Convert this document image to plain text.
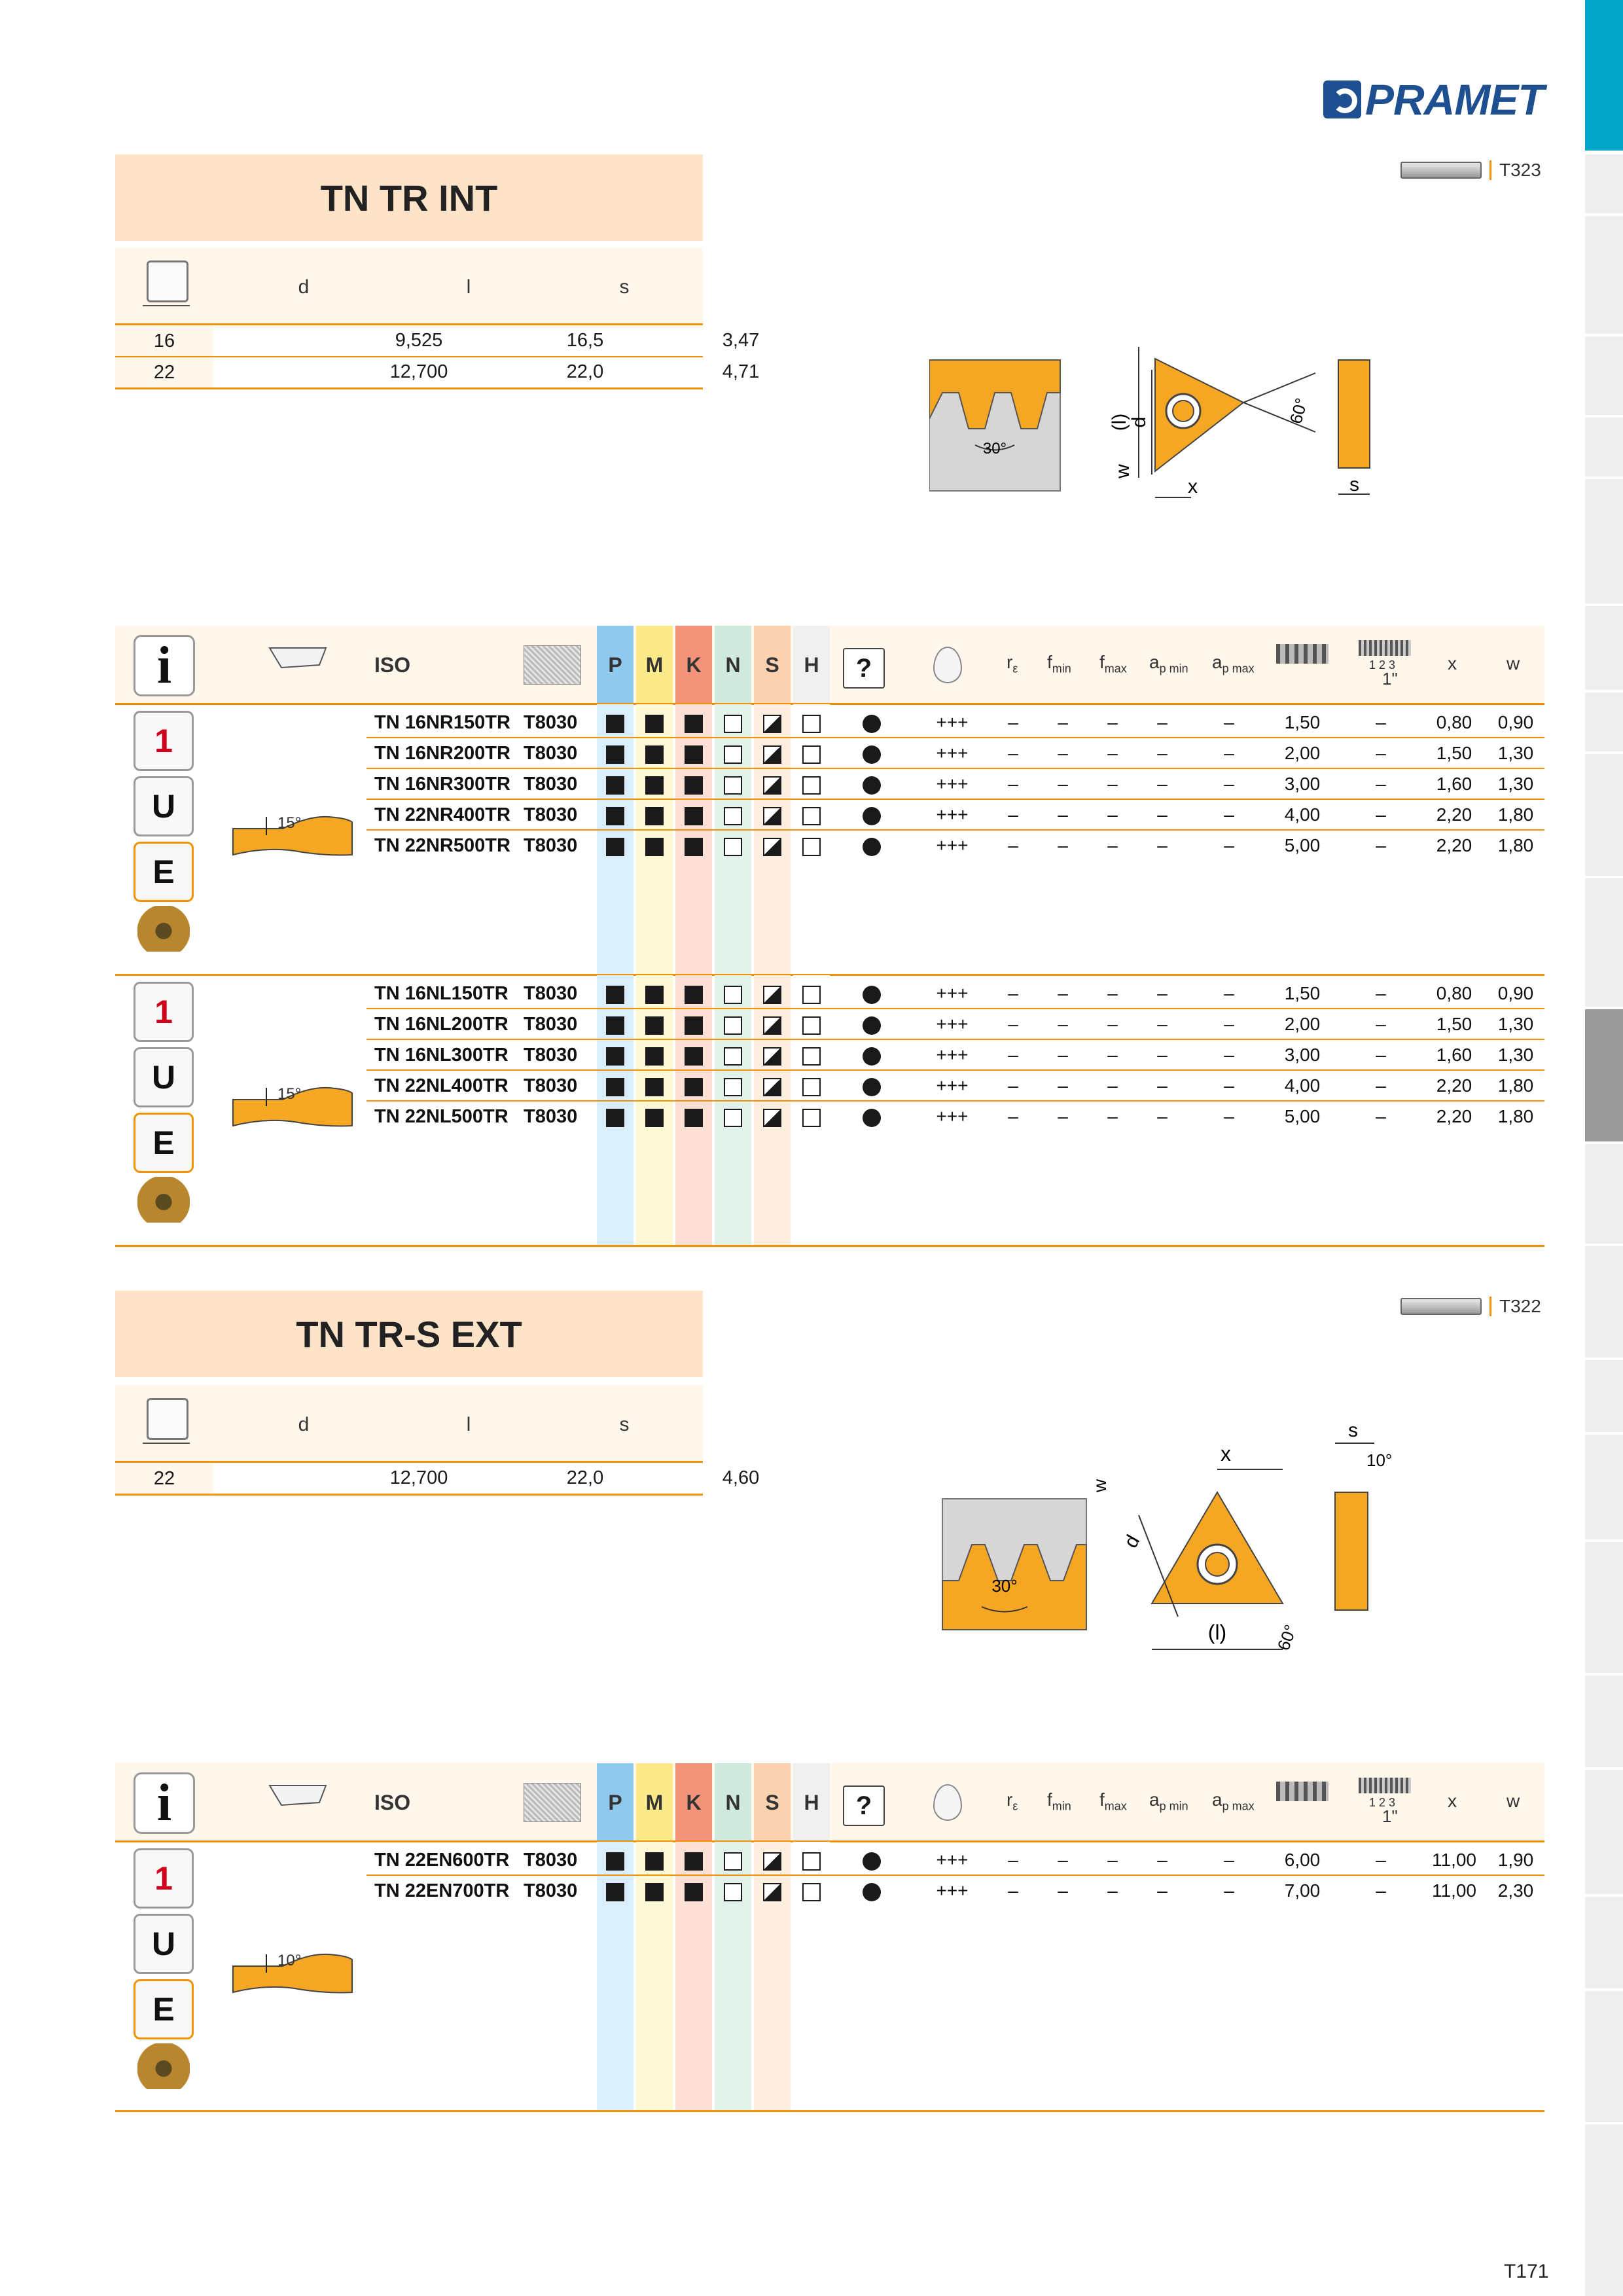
PRAMET
T323
TN TR INT
d	l	s
16	9,525	16,5	3,47
22	12,700	22,0	4,71
30°
(l)
d
w
x
60°
s
i	ISO	P	M	K	N	S	H	?	$r_\varepsilon$ $f_{min}$ $f_{max}$ $a_{p min}$ $a_{p max}$	1 2 3
1"
x	w
1
U
E
15°
TN 16NR150TR T8030	+++	–	–	–	–	–	1,50	–	0,80	0,90
TN 16NR200TR T8030	+++	–	–	–	–	–	2,00	–	1,50	1,30
TN 16NR300TR T8030	+++	–	–	–	–	–	3,00	–	1,60	1,30
TN 22NR400TR T8030	+++	–	–	–	–	–	4,00	–	2,20	1,80
TN 22NR500TR T8030	+++	–	–	–	–	–	5,00	–	2,20	1,80
1
U
E
15°
TN 16NL150TR T8030	+++	–	–	–	–	–	1,50	–	0,80	0,90
TN 16NL200TR T8030	+++	–	–	–	–	–	2,00	–	1,50	1,30
TN 16NL300TR T8030	+++	–	–	–	–	–	3,00	–	1,60	1,30
TN 22NL400TR T8030	+++	–	–	–	–	–	4,00	–	2,20	1,80
TN 22NL500TR T8030	+++	–	–	–	–	–	5,00	–	2,20	1,80
T322
TN TR-S EXT
d	l	s
22	12,700	22,0	4,60
30°
(l)
x
w
d
60°
s
10°
i	ISO	P	M	K	N	S	H	?	$r_\varepsilon$ $f_{min}$ $f_{max}$ $a_{p min}$ $a_{p max}$	1 2 3
1"
x	w
1
U
E
10°
TN 22EN600TR T8030	+++	–	–	–	–	–	6,00	–	11,00	1,90
TN 22EN700TR T8030	+++	–	–	–	–	–	7,00	–	11,00	2,30
T171
